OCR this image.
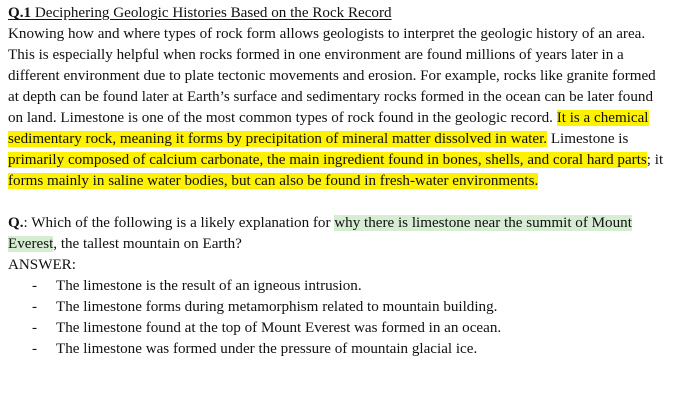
Q.1 Deciphering Geologic Histories Based on the Rock Record

Knowing how and where types of rock form allows geologists to interpret the geologic history of an area. This is especially helpful when rocks formed in one environment are found millions of years later in a different environment due to plate tectonic movements and erosion. For example, rocks like granite formed at depth can be found later at Earth’s surface and sedimentary rocks formed in the ocean can be later found on land. Limestone is one of the most common types of rock found in the geologic record. It is a chemical sedimentary rock, meaning it forms by precipitation of mineral matter dissolved in water. Limestone is primarily composed of calcium carbonate, the main ingredient found in bones, shells, and coral hard parts; it forms mainly in saline water bodies, but can also be found in fresh-water environments.

Q.: Which of the following is a likely explanation for why there is limestone near the summit of Mount Everest, the tallest mountain on Earth?

ANSWER:
- The limestone is the result of an igneous intrusion.
- The limestone forms during metamorphism related to mountain building.
- The limestone found at the top of Mount Everest was formed in an ocean.
- The limestone was formed under the pressure of mountain glacial ice.
